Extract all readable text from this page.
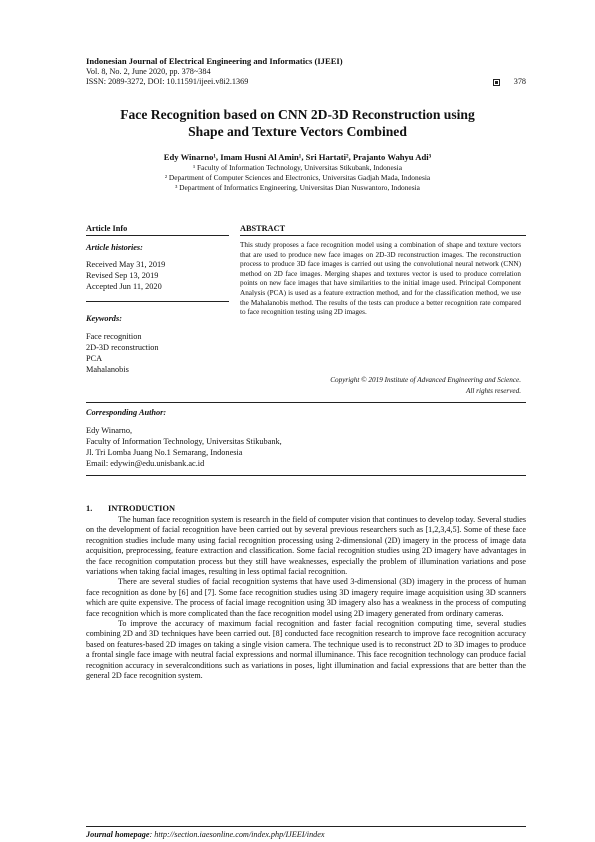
Indonesian Journal of Electrical Engineering and Informatics (IJEEI)
Vol. 8, No. 2, June 2020, pp. 378~384
ISSN: 2089-3272, DOI: 10.11591/ijeei.v8i2.1369	378
Face Recognition based on CNN 2D-3D Reconstruction using
Shape and Texture Vectors Combined
Edy Winarno¹, Imam Husni Al Amin¹, Sri Hartati², Prajanto Wahyu Adi³
¹ Faculty of Information Technology, Universitas Stikubank, Indonesia
² Department of Computer Sciences and Electronics, Universitas Gadjah Mada, Indonesia
³ Department of Informatics Engineering, Universitas Dian Nuswantoro, Indonesia
Article Info	ABSTRACT
Article histories:
Received May 31, 2019
Revised Sep 13, 2019
Accepted Jun 11, 2020
Keywords:
Face recognition
2D-3D reconstruction
PCA
Mahalanobis
This study proposes a face recognition model using a combination of shape and texture vectors that are used to produce new face images on 2D-3D reconstruction images. The reconstruction process to produce 3D face images is carried out using the convolutional neural network (CNN) method on 2D face images. Merging shapes and textures vector is used to produce correlation points on new face images that have similarities to the initial image used. Principal Component Analysis (PCA) is used as a feature extraction method, and for the classification method, we use the Mahalanobis method. The results of the tests can produce a better recognition rate compared to face recognition testing using 2D images.
Copyright © 2019 Institute of Advanced Engineering and Science.
All rights reserved.
Corresponding Author:
Edy Winarno,
Faculty of Information Technology, Universitas Stikubank,
Jl. Tri Lomba Juang No.1 Semarang, Indonesia
Email: edywin@edu.unisbank.ac.id
1. INTRODUCTION

The human face recognition system is research in the field of computer vision that continues to develop today. Several studies on the development of facial recognition have been carried out by several previous researchers such as [1,2,3,4,5]. Some of these face recognition studies include many using facial recognition processing using 2-dimensional (2D) imagery in the process of image data acquisition, preprocessing, feature extraction and classification. Some facial recognition studies using 2D imagery have advantages in the face recognition computation process but they still have weaknesses, especially the problem of illumination variations and pose variations when taking facial images, resulting in less optimal facial recognition.

There are several studies of facial recognition systems that have used 3-dimensional (3D) imagery in the process of human face recognition as done by [6] and [7]. Some face recognition studies using 3D imagery require image acquisition using 3D scanners which are quite expensive. The process of facial image recognition using 3D imagery also has a weakness in the process of computing face recognition which is more complicated than the face recognition model using 2D imagery generated from ordinary cameras.

To improve the accuracy of maximum facial recognition and faster facial recognition computing time, several studies combining 2D and 3D techniques have been carried out. [8] conducted face recognition research to improve face recognition accuracy based on features-based 2D images on taking a single vision camera. The technique used is to reconstruct 2D to 3D images to produce a frontal single face image with neutral facial expressions and normal illuminance. This face recognition technology can produce facial recognition accuracy in severalconditions such as variations in poses, light illumination and facial expressions that are better than the general 2D face recognition system.

Journal homepage: http://section.iaesonline.com/index.php/IJEEI/index
